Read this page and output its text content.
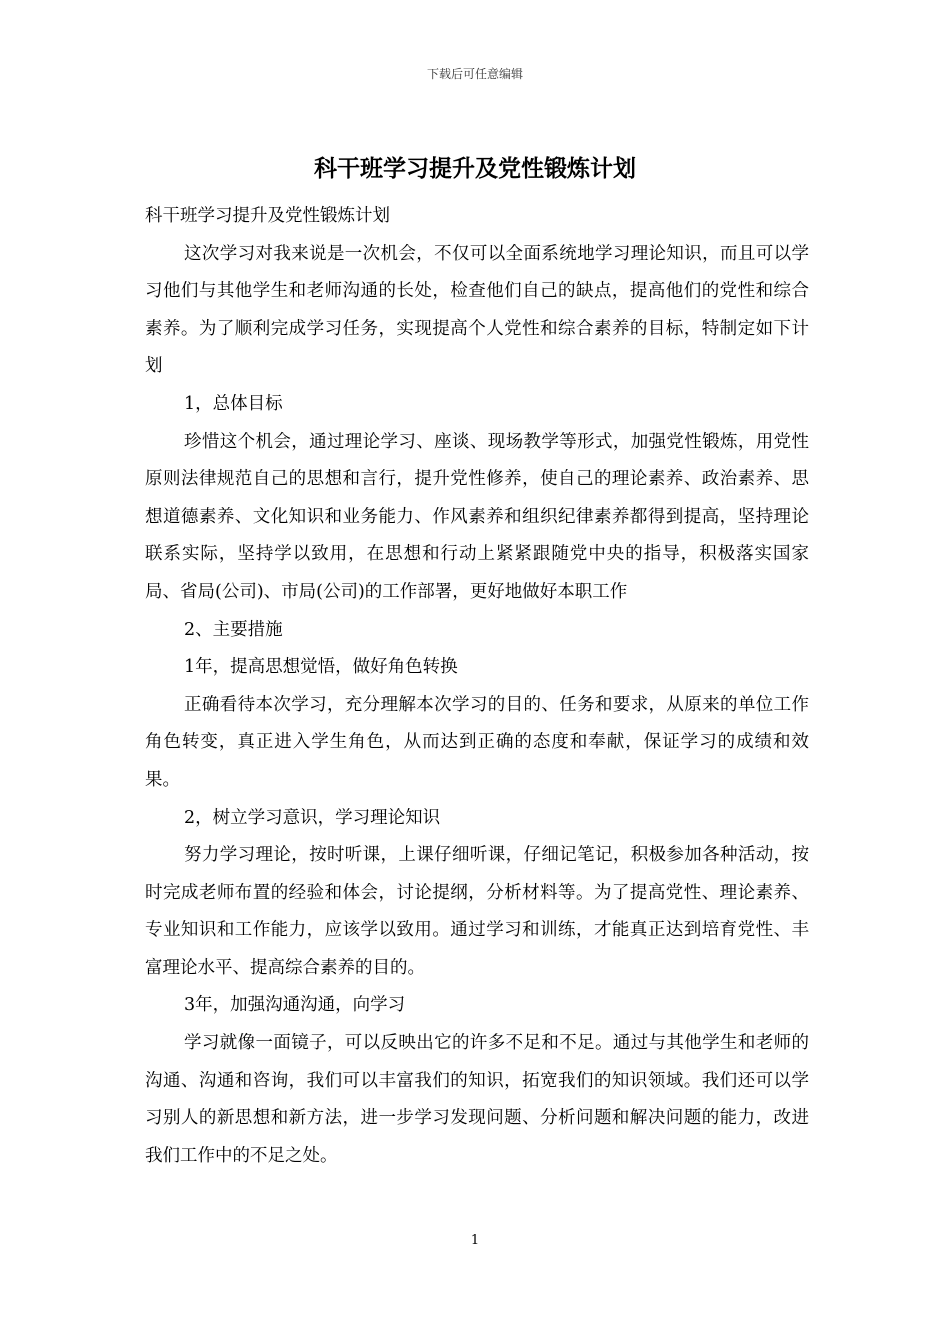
下载后可任意编辑
科干班学习提升及党性锻炼计划

科干班学习提升及党性锻炼计划

这次学习对我来说是一次机会，不仅可以全面系统地学习理论知识，而且可以学习他们与其他学生和老师沟通的长处，检查他们自己的缺点，提高他们的党性和综合素养。为了顺利完成学习任务，实现提高个人党性和综合素养的目标，特制定如下计划

1，总体目标

珍惜这个机会，通过理论学习、座谈、现场教学等形式，加强党性锻炼，用党性原则法律规范自己的思想和言行，提升党性修养，使自己的理论素养、政治素养、思想道德素养、文化知识和业务能力、作风素养和组织纪律素养都得到提高，坚持理论联系实际，坚持学以致用，在思想和行动上紧紧跟随党中央的指导，积极落实国家局、省局(公司)、市局(公司)的工作部署，更好地做好本职工作

2、主要措施

1年，提高思想觉悟，做好角色转换

正确看待本次学习，充分理解本次学习的目的、任务和要求，从原来的单位工作角色转变，真正进入学生角色，从而达到正确的态度和奉献，保证学习的成绩和效果。

2，树立学习意识，学习理论知识

努力学习理论，按时听课，上课仔细听课，仔细记笔记，积极参加各种活动，按时完成老师布置的经验和体会，讨论提纲，分析材料等。为了提高党性、理论素养、专业知识和工作能力，应该学以致用。通过学习和训练，才能真正达到培育党性、丰富理论水平、提高综合素养的目的。

3年，加强沟通沟通，向学习

学习就像一面镜子，可以反映出它的许多不足和不足。通过与其他学生和老师的沟通、沟通和咨询，我们可以丰富我们的知识，拓宽我们的知识领域。我们还可以学习别人的新思想和新方法，进一步学习发现问题、分析问题和解决问题的能力，改进我们工作中的不足之处。

1
